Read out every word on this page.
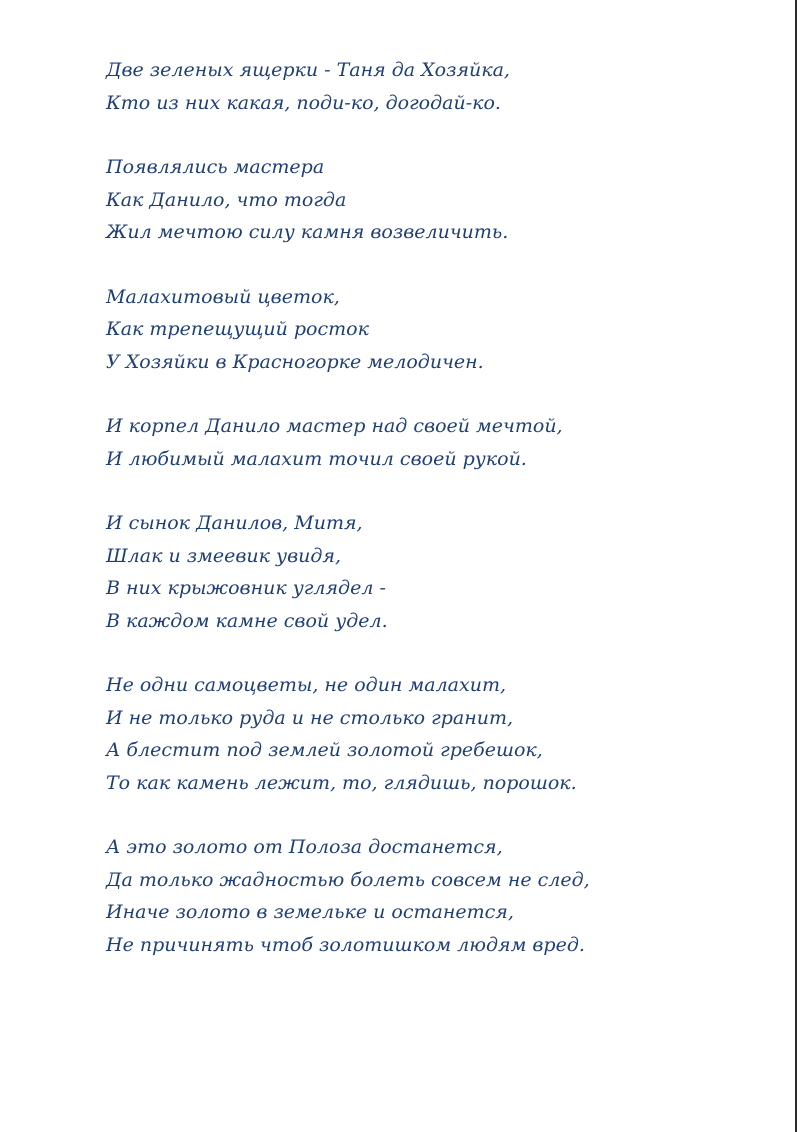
Две зеленых ящерки - Таня да Хозяйка,
Кто из них какая, поди-ко, догодай-ко.
Появлялись мастера
Как Данило, что тогда
Жил мечтою силу камня возвеличить.
Малахитовый цветок,
Как трепещущий росток
У Хозяйки в Красногорке мелодичен.
И корпел Данило мастер над своей мечтой,
И любимый малахит точил своей рукой.
И сынок Данилов, Митя,
Шлак и змеевик увидя,
В них крыжовник углядел -
В каждом камне свой удел.
Не одни самоцветы, не один малахит,
И не только руда и не столько гранит,
А блестит под землей золотой гребешок,
То как камень лежит, то, глядишь, порошок.
А это золото от Полоза достанется,
Да только жадностью болеть совсем не след,
Иначе золото в земельке и останется,
Не причинять чтоб золотишком людям вред.
